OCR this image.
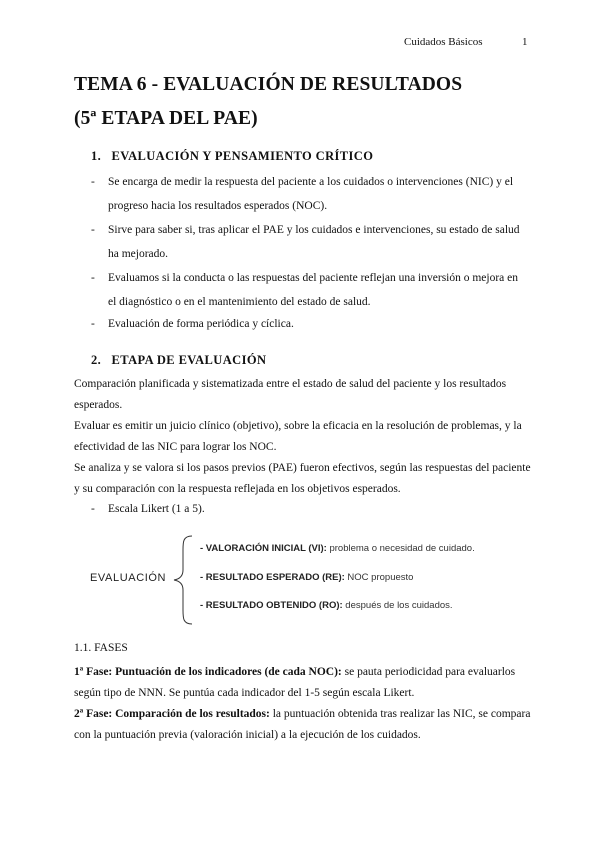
Cuidados Básicos	1
TEMA 6 - EVALUACIÓN DE RESULTADOS
(5ª ETAPA DEL PAE)
1. EVALUACIÓN Y PENSAMIENTO CRÍTICO
- Se encarga de medir la respuesta del paciente a los cuidados o intervenciones (NIC) y el progreso hacia los resultados esperados (NOC).
- Sirve para saber si, tras aplicar el PAE y los cuidados e intervenciones, su estado de salud ha mejorado.
- Evaluamos si la conducta o las respuestas del paciente reflejan una inversión o mejora en el diagnóstico o en el mantenimiento del estado de salud.
- Evaluación de forma periódica y cíclica.
2. ETAPA DE EVALUACIÓN

Comparación planificada y sistematizada entre el estado de salud del paciente y los resultados esperados.

Evaluar es emitir un juicio clínico (objetivo), sobre la eficacia en la resolución de problemas, y la efectividad de las NIC para lograr los NOC.

Se analiza y se valora si los pasos previos (PAE) fueron efectivos, según las respuestas del paciente y su comparación con la respuesta reflejada en los objetivos esperados.

- Escala Likert (1 a 5).
EVALUACIÓN
- VALORACIÓN INICIAL (VI): problema o necesidad de cuidado.
- RESULTADO ESPERADO (RE): NOC propuesto
- RESULTADO OBTENIDO (RO): después de los cuidados.
1.1. FASES

1ª Fase: Puntuación de los indicadores (de cada NOC): se pauta periodicidad para evaluarlos según tipo de NNN. Se puntúa cada indicador del 1-5 según escala Likert.

2ª Fase: Comparación de los resultados: la puntuación obtenida tras realizar las NIC, se compara con la puntuación previa (valoración inicial) a la ejecución de los cuidados.
